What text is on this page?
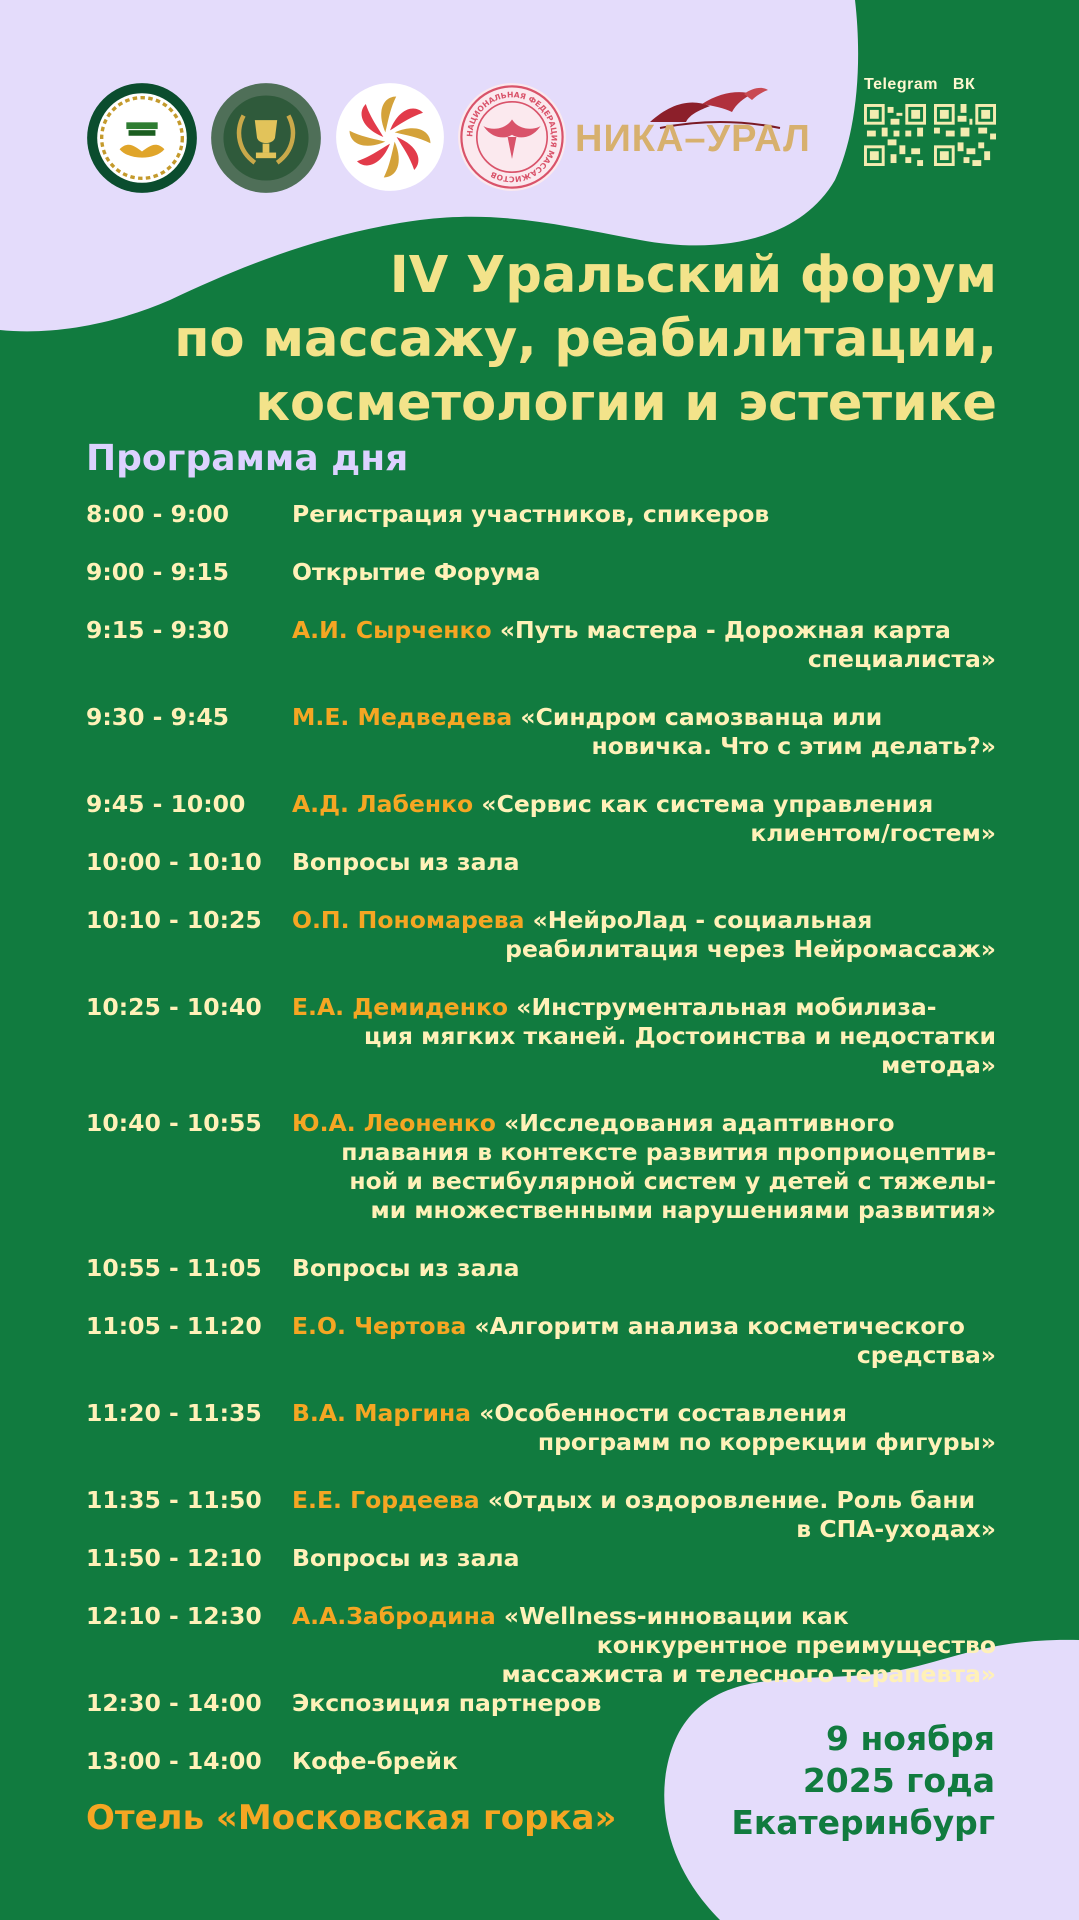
НАЦИОНАЛЬНАЯ ФЕДЕРАЦИЯ МАССАЖИСТОВ
НИКА–УРАЛ
Telegram ВК
IV Уральский форум
по массажу, реабилитации,
косметологии и эстетике
Программа дня
8:00 - 9:00	Регистрация участников, спикеров
9:00 - 9:15	Открытие Форума
9:15 - 9:30	А.И. Сырченко «Путь мастера - Дорожная карта
специалиста»
9:30 - 9:45	М.Е. Медведева «Синдром самозванца или
новичка. Что с этим делать?»
9:45 - 10:00 А.Д. Лабенко «Сервис как система управления
клиентом/гостем»
10:00 - 10:10 Вопросы из зала
10:10 - 10:25 О.П. Пономарева «НейроЛад - социальная
реабилитация через Нейромассаж»
10:25 - 10:40 Е.А. Демиденко «Инструментальная мобилиза-
ция мягких тканей. Достоинства и недостатки
метода»
10:40 - 10:55 Ю.А. Леоненко «Исследования адаптивного
плавания в контексте развития проприоцептив-
ной и вестибулярной систем у детей с тяжелы-
ми множественными нарушениями развития»
10:55 - 11:05 Вопросы из зала
11:05 - 11:20 Е.О. Чертова «Алгоритм анализа косметического
средства»
11:20 - 11:35 В.А. Маргина «Особенности составления
программ по коррекции фигуры»
11:35 - 11:50 Е.Е. Гордеева «Отдых и оздоровление. Роль бани
в СПА-уходах»
11:50 - 12:10 Вопросы из зала
12:10 - 12:30 А.А.Забродина «Wellness-инновации как
конкурентное преимущество
массажиста и телесного терапевта»
12:30 - 14:00 Экспозиция партнеров
13:00 - 14:00 Кофе-брейк
Отель «Московская горка»
9 ноября
2025 года
Екатеринбург
